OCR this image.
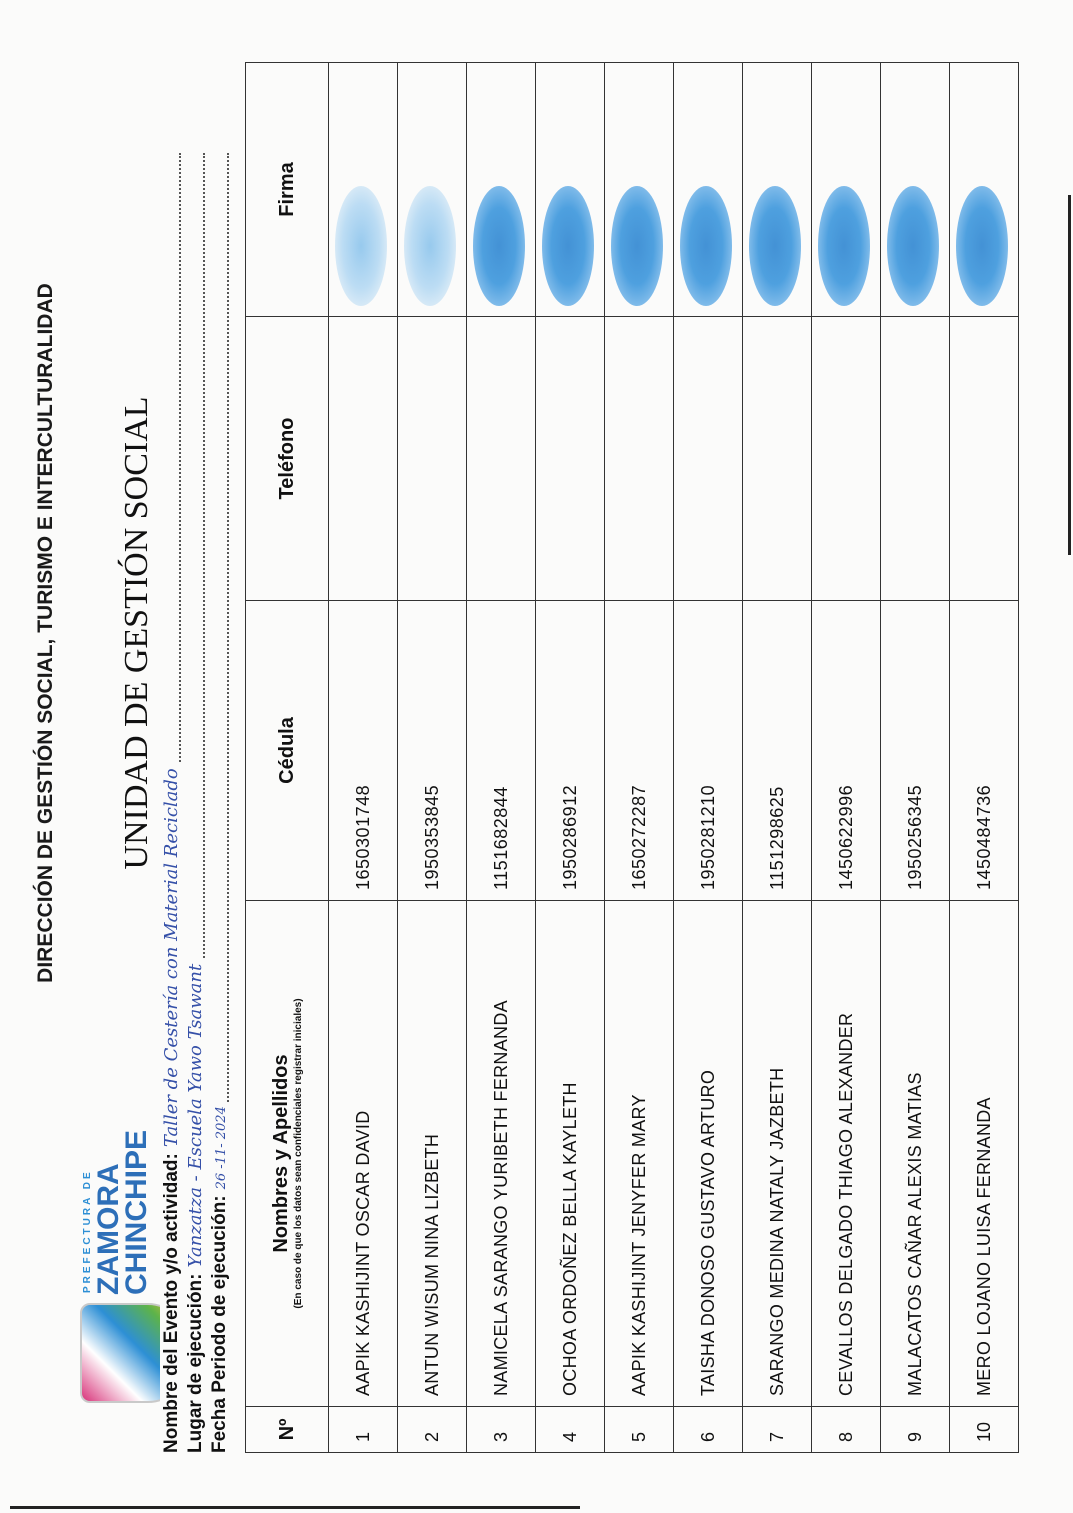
PREFECTURA DE ZAMORA
CHINCHIPE
DIRECCIÓN DE GESTIÓN SOCIAL, TURISMO E INTERCULTURALIDAD UNIDAD DE GESTIÓN SOCIAL
Nombre del Evento y/o actividad:Taller de Cestería con Material Reciclado
Lugar de ejecución:Yanzatza - Escuela Yawo Tsawant
Fecha Periodo de ejecución:26 -11- 2024
Nº	Nombres y Apellidos (En caso de que los datos sean confidenciales registrar iniciales)	Cédula	Teléfono	Firma
1	AAPIK KASHIJINT OSCAR DAVID	1650301748		
2	ANTUN WISUM NINA LIZBETH	1950353845		
3	NAMICELA SARANGO YURIBETH FERNANDA	1151682844		
4	OCHOA ORDOÑEZ BELLA KAYLETH	1950286912		
5	AAPIK KASHIJINT JENYFER MARY	1650272287		
6	TAISHA DONOSO GUSTAVO ARTURO	1950281210		
7	SARANGO MEDINA NATALY JAZBETH	1151298625		
8	CEVALLOS DELGADO THIAGO ALEXANDER	1450622996		
9	MALACATOS CAÑAR ALEXIS MATIAS	1950256345		
10	MERO LOJANO LUISA FERNANDA	1450484736		
